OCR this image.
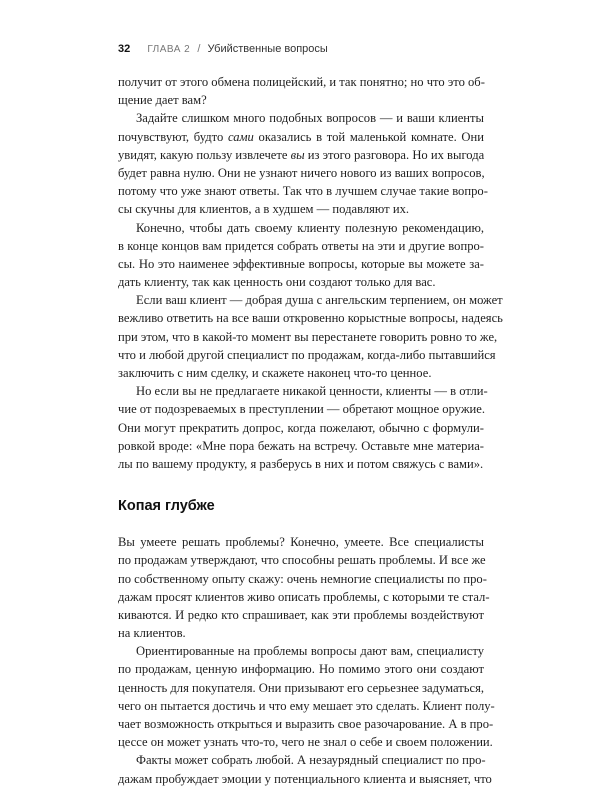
32 ГЛАВА 2 / Убийственные вопросы
получит от этого обмена полицейский, и так понятно; но что это об-
щение дает вам?
Задайте слишком много подобных вопросов — и ваши клиенты
почувствуют, будто сами оказались в той маленькой комнате. Они
увидят, какую пользу извлечете вы из этого разговора. Но их выгода
будет равна нулю. Они не узнают ничего нового из ваших вопросов,
потому что уже знают ответы. Так что в лучшем случае такие вопро-
сы скучны для клиентов, а в худшем — подавляют их.
Конечно, чтобы дать своему клиенту полезную рекомендацию,
в конце концов вам придется собрать ответы на эти и другие вопро-
сы. Но это наименее эффективные вопросы, которые вы можете за-
дать клиенту, так как ценность они создают только для вас.
Если ваш клиент — добрая душа с ангельским терпением, он может
вежливо ответить на все ваши откровенно корыстные вопросы, надеясь
при этом, что в какой-то момент вы перестанете говорить ровно то же,
что и любой другой специалист по продажам, когда-либо пытавшийся
заключить с ним сделку, и скажете наконец что-то ценное.
Но если вы не предлагаете никакой ценности, клиенты — в отли-
чие от подозреваемых в преступлении — обретают мощное оружие.
Они могут прекратить допрос, когда пожелают, обычно с формули-
ровкой вроде: «Мне пора бежать на встречу. Оставьте мне материа-
лы по вашему продукту, я разберусь в них и потом свяжусь с вами».
Копая глубже
Вы умеете решать проблемы? Конечно, умеете. Все специалисты
по продажам утверждают, что способны решать проблемы. И все же
по собственному опыту скажу: очень немногие специалисты по про-
дажам просят клиентов живо описать проблемы, с которыми те стал-
киваются. И редко кто спрашивает, как эти проблемы воздействуют
на клиентов.
Ориентированные на проблемы вопросы дают вам, специалисту
по продажам, ценную информацию. Но помимо этого они создают
ценность для покупателя. Они призывают его серьезнее задуматься,
чего он пытается достичь и что ему мешает это сделать. Клиент полу-
чает возможность открыться и выразить свое разочарование. А в про-
цессе он может узнать что-то, чего не знал о себе и своем положении.
Факты может собрать любой. А незаурядный специалист по про-
дажам пробуждает эмоции у потенциального клиента и выясняет, что
